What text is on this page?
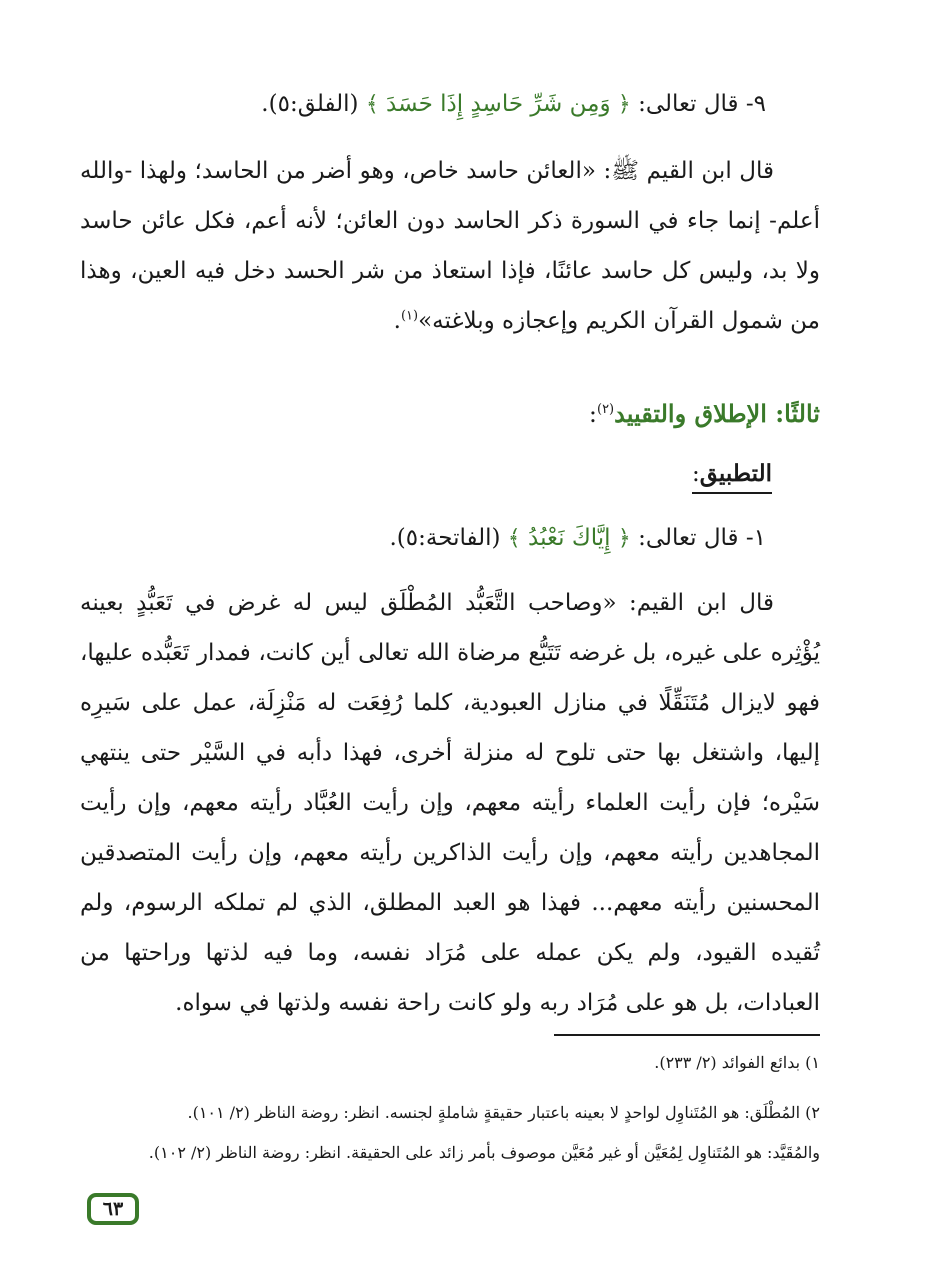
٩- قال تعالى: ﴿ وَمِن شَرِّ حَاسِدٍ إِذَا حَسَدَ ﴾ (الفلق:٥).
قال ابن القيم ﷺ: «العائن حاسد خاص، وهو أضر من الحاسد؛ ولهذا -والله أعلم- إنما جاء في السورة ذكر الحاسد دون العائن؛ لأنه أعم، فكل عائن حاسد ولا بد، وليس كل حاسد عائنًا، فإذا استعاذ من شر الحسد دخل فيه العين، وهذا من شمول القرآن الكريم وإعجازه وبلاغته»$^{(١)}$.
ثالثًا: الإطلاق والتقييد$^{(٢)}$:
التطبيق:
١- قال تعالى: ﴿ إِيَّاكَ نَعْبُدُ ﴾ (الفاتحة:٥).
قال ابن القيم: «وصاحب التَّعَبُّد المُطْلَق ليس له غرض في تَعَبُّدٍ بعينه يُؤْثِره على غيره، بل غرضه تَتَبُّع مرضاة الله تعالى أين كانت، فمدار تَعَبُّده عليها، فهو لايزال مُتَنَقِّلًا في منازل العبودية، كلما رُفِعَت له مَنْزِلَة، عمل على سَيرِه إليها، واشتغل بها حتى تلوح له منزلة أخرى، فهذا دأبه في السَّيْر حتى ينتهي سَيْره؛ فإن رأيت العلماء رأيته معهم، وإن رأيت العُبَّاد رأيته معهم، وإن رأيت المجاهدين رأيته معهم، وإن رأيت الذاكرين رأيته معهم، وإن رأيت المتصدقين المحسنين رأيته معهم... فهذا هو العبد المطلق، الذي لم تملكه الرسوم، ولم تُقيده القيود، ولم يكن عمله على مُرَاد نفسه، وما فيه لذتها وراحتها من العبادات، بل هو على مُرَاد ربه ولو كانت راحة نفسه ولذتها في سواه.
١) بدائع الفوائد (٢/ ٢٣٣).
٢) المُطْلَق: هو المُتَناوِل لواحدٍ لا بعينه باعتبار حقيقةٍ شاملةٍ لجنسه. انظر: روضة الناظر (٢/ ١٠١).
والمُقَيَّد: هو المُتَناوِل لِمُعَيَّن أو غير مُعَيَّن موصوف بأمر زائد على الحقيقة. انظر: روضة الناظر (٢/ ١٠٢).
٦٣
